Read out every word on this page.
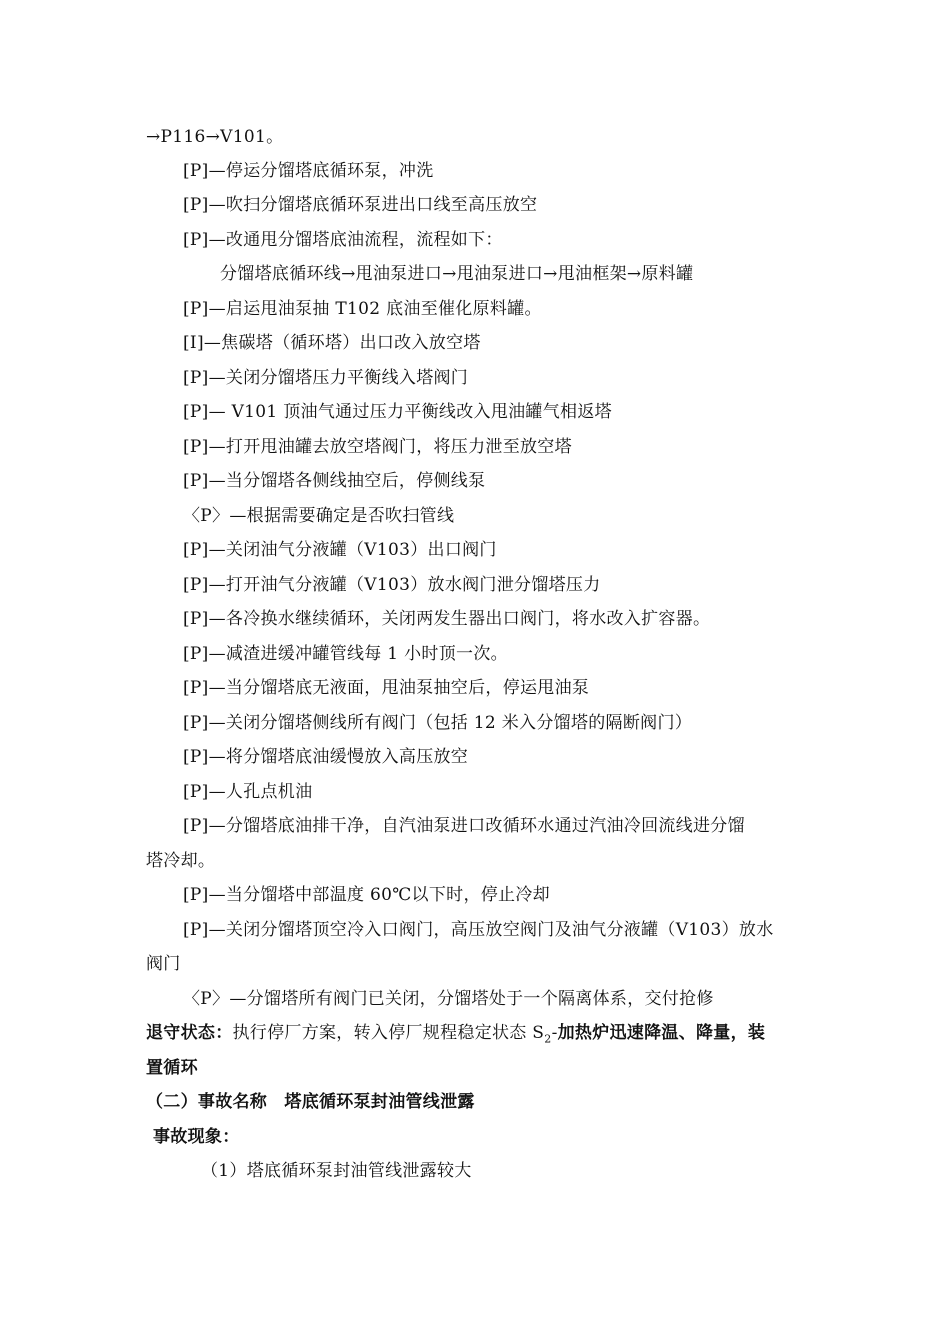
→P116→V101。
[P]—停运分馏塔底循环泵，冲洗
[P]—吹扫分馏塔底循环泵进出口线至高压放空
[P]—改通甩分馏塔底油流程，流程如下：
分馏塔底循环线→甩油泵进口→甩油泵进口→甩油框架→原料罐
[P]—启运甩油泵抽 T102 底油至催化原料罐。
[I]—焦碳塔（循环塔）出口改入放空塔
[P]—关闭分馏塔压力平衡线入塔阀门
[P]— V101 顶油气通过压力平衡线改入甩油罐气相返塔
[P]—打开甩油罐去放空塔阀门，将压力泄至放空塔
[P]—当分馏塔各侧线抽空后，停侧线泵
〈P〉—根据需要确定是否吹扫管线
[P]—关闭油气分液罐（V103）出口阀门
[P]—打开油气分液罐（V103）放水阀门泄分馏塔压力
[P]—各冷换水继续循环，关闭两发生器出口阀门，将水改入扩容器。
[P]—减渣进缓冲罐管线每 1 小时顶一次。
[P]—当分馏塔底无液面，甩油泵抽空后，停运甩油泵
[P]—关闭分馏塔侧线所有阀门（包括 12 米入分馏塔的隔断阀门）
[P]—将分馏塔底油缓慢放入高压放空
[P]—人孔点机油
[P]—分馏塔底油排干净，自汽油泵进口改循环水通过汽油冷回流线进分馏
塔冷却。
[P]—当分馏塔中部温度 60℃以下时，停止冷却
[P]—关闭分馏塔顶空冷入口阀门，高压放空阀门及油气分液罐（V103）放水
阀门
〈P〉—分馏塔所有阀门已关闭，分馏塔处于一个隔离体系，交付抢修
退守状态：执行停厂方案，转入停厂规程稳定状态 $S_2-$加热炉迅速降温、降量，装
置循环
（二）事故名称　塔底循环泵封油管线泄露
事故现象：
（1）塔底循环泵封油管线泄露较大
